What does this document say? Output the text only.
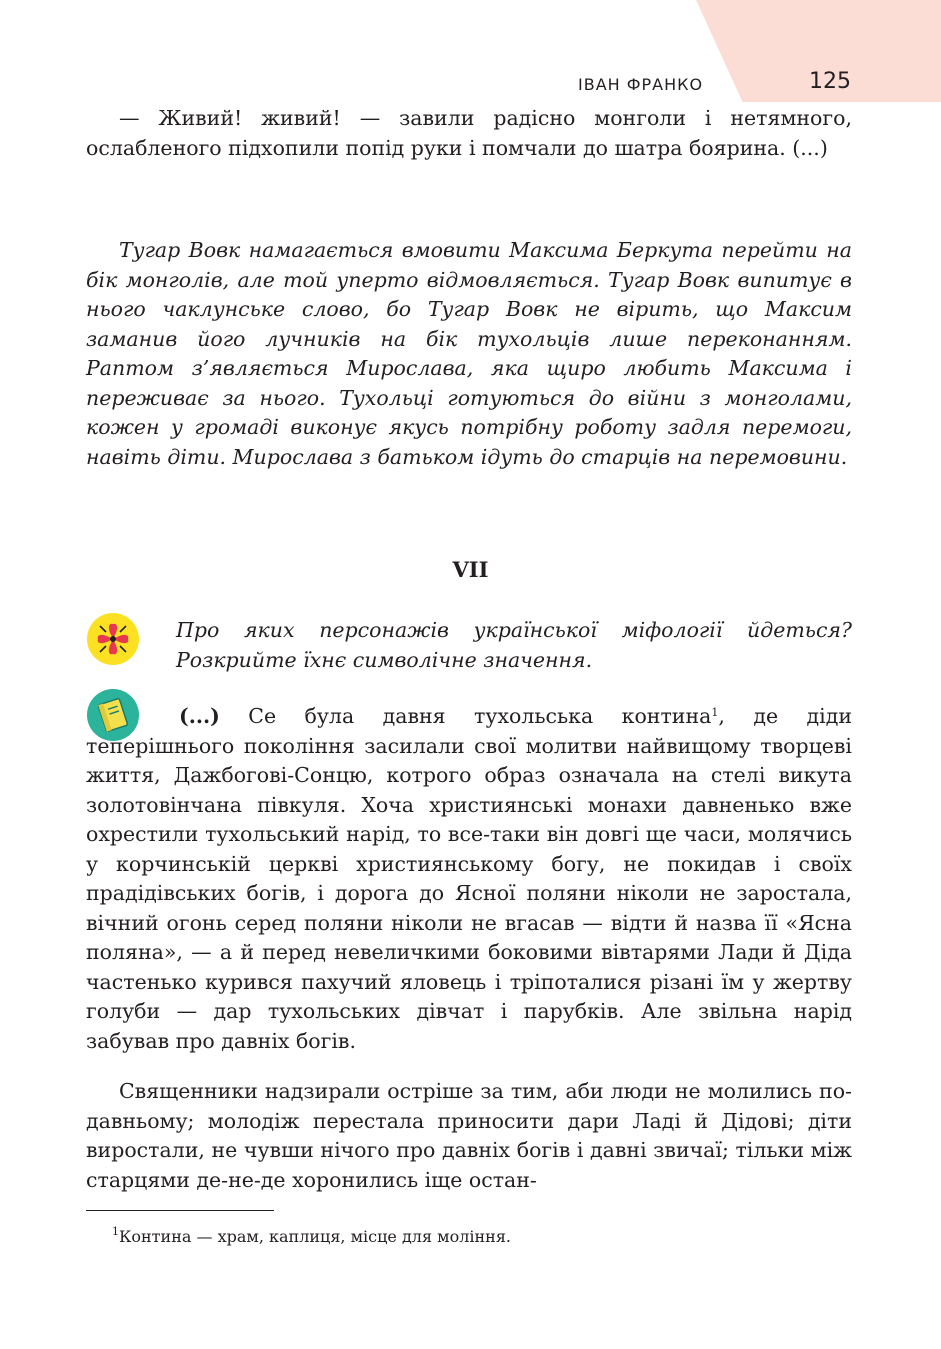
ІВАН ФРАНКО	125

— Живий! живий! — завили радісно монголи і нетямного, ослабленого підхопили попід руки і помчали до шатра боярина. (...)

Тугар Вовк намагається вмовити Максима Беркута перейти на бік монголів, але той уперто відмовляється. Тугар Вовк випитує в нього чаклунське слово, бо Тугар Вовк не вірить, що Максим заманив його лучників на бік тухольців лише переконанням. Раптом з’являється Мирослава, яка щиро любить Максима і переживає за нього. Тухольці готуються до війни з монголами, кожен у громаді виконує якусь потрібну роботу задля перемоги, навіть діти. Мирослава з батьком ідуть до старців на перемовини.

VII

Про яких персонажів української міфології йдеться? Розкрийте їхнє символічне значення.

(...) Се була давня тухольська контина$^1$, де діди теперішнього покоління засилали свої молитви найвищому творцеві життя, Дажбогові-Сонцю, котрого образ означала на стелі викута золотовінчана півкуля. Хоча християнські монахи давненько вже охрестили тухольський нарід, то все-таки він довгі ще часи, молячись у корчинській церкві християнському богу, не покидав і своїх прадідівських богів, і дорога до Ясної поляни ніколи не заростала, вічний огонь серед поляни ніколи не вгасав — відти й назва її «Ясна поляна», — а й перед невеличкими боковими вівтарями Лади й Діда частенько курився пахучий яловець і тріпоталися різані їм у жертву голуби — дар тухольських дівчат і парубків. Але звільна нарід забував про давніх богів.

Священники надзирали остріше за тим, аби люди не молились по-давньому; молодіж перестала приносити дари Ладі й Дідові; діти виростали, не чувши нічого про давніх богів і давні звичаї; тільки між старцями де-не-де хоронились іще остан-

$^1$Контина — храм, каплиця, місце для моління.
